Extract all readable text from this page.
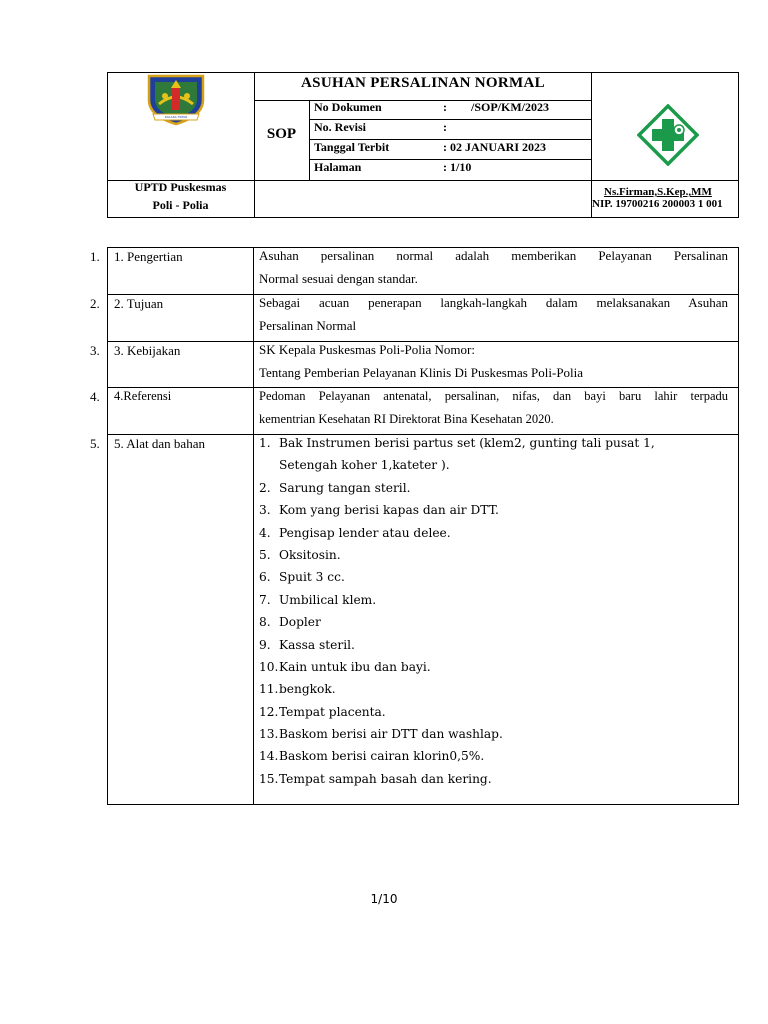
KOLAKA TIMUR
ASUHAN PERSALINAN NORMAL
SOP
No Dokumen	:        /SOP/KM/2023
No. Revisi	:
Tanggal Terbit	: 02 JANUARI 2023
Halaman	: 1/10
UPTD Puskesmas
Poli - Polia
Ns.Firman,S.Kep.,MM
NIP. 19700216 200003 1 001
1. 1. Pengertian	Asuhan persalinan normal adalah memberikan Pelayanan Persalinan
Normal sesuai dengan standar.
2. 2. Tujuan	Sebagai acuan penerapan langkah-langkah dalam melaksanakan Asuhan
Persalinan Normal
3. 3. Kebijakan	SK Kepala Puskesmas Poli-Polia Nomor:
Tentang Pemberian Pelayanan Klinis Di Puskesmas Poli-Polia
4. 4.Referensi	Pedoman Pelayanan antenatal, persalinan, nifas, dan bayi baru lahir terpadu
kementrian Kesehatan RI Direktorat Bina Kesehatan 2020.
5. 5. Alat dan bahan	1. Bak Instrumen berisi partus set (klem2, gunting tali pusat 1,
Setengah koher 1,kateter ).
2. Sarung tangan steril.
3. Kom yang berisi kapas dan air DTT.
4. Pengisap lender atau delee.
5. Oksitosin.
6. Spuit 3 cc.
7. Umbilical klem.
8. Dopler
9. Kassa steril.
10.Kain untuk ibu dan bayi.
11.bengkok.
12.Tempat placenta.
13.Baskom berisi air DTT dan washlap.
14.Baskom berisi cairan klorin0,5%.
15.Tempat sampah basah dan kering.
1/10
